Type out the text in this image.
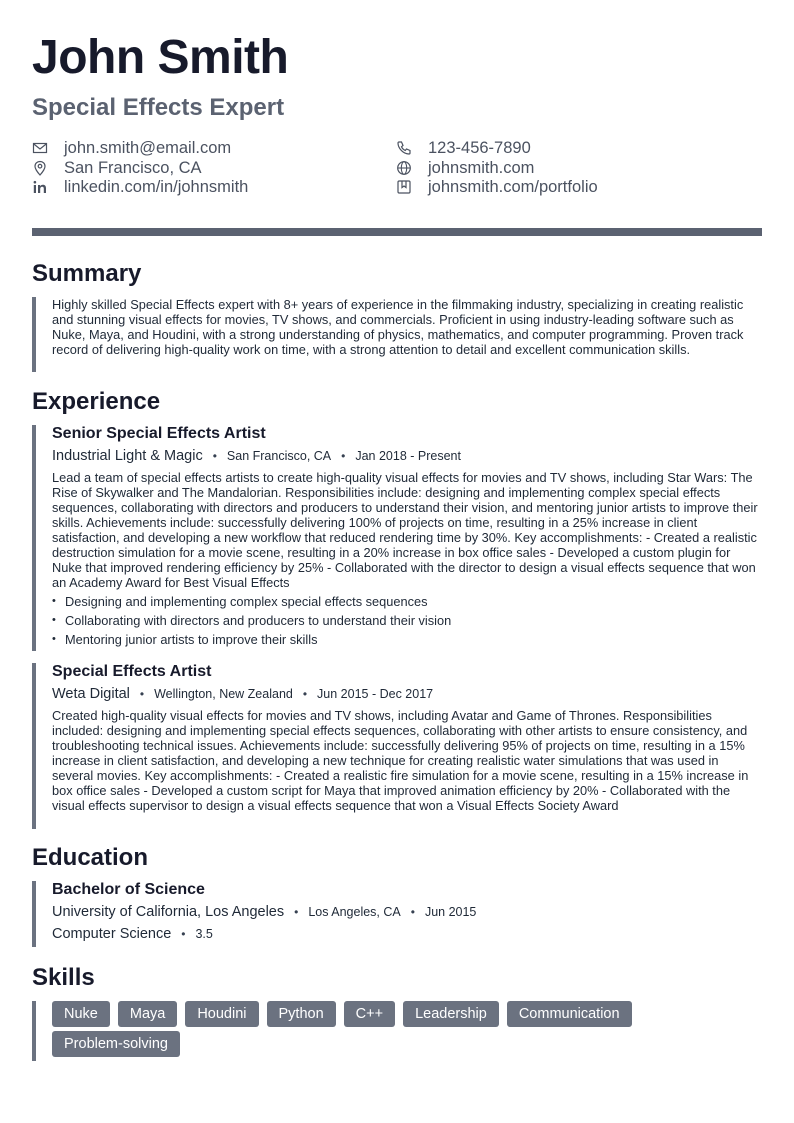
John Smith
Special Effects Expert
john.smith@email.com	123-456-7890
San Francisco, CA	johnsmith.com
linkedin.com/in/johnsmith	johnsmith.com/portfolio
Summary

Highly skilled Special Effects expert with 8+ years of experience in the filmmaking industry, specializing in creating realistic and stunning visual effects for movies, TV shows, and commercials. Proficient in using industry-leading software such as Nuke, Maya, and Houdini, with a strong understanding of physics, mathematics, and computer programming. Proven track record of delivering high-quality work on time, with a strong attention to detail and excellent communication skills.

Experience
Senior Special Effects Artist
Industrial Light & Magic • San Francisco, CA • Jan 2018 - Present

Lead a team of special effects artists to create high-quality visual effects for movies and TV shows, including Star Wars: The Rise of Skywalker and The Mandalorian. Responsibilities include: designing and implementing complex special effects sequences, collaborating with directors and producers to understand their vision, and mentoring junior artists to improve their skills. Achievements include: successfully delivering 100% of projects on time, resulting in a 25% increase in client satisfaction, and developing a new workflow that reduced rendering time by 30%. Key accomplishments: - Created a realistic destruction simulation for a movie scene, resulting in a 20% increase in box office sales - Developed a custom plugin for Nuke that improved rendering efficiency by 25% - Collaborated with the director to design a visual effects sequence that won an Academy Award for Best Visual Effects

• Designing and implementing complex special effects sequences
• Collaborating with directors and producers to understand their vision
• Mentoring junior artists to improve their skills
Special Effects Artist
Weta Digital • Wellington, New Zealand • Jun 2015 - Dec 2017

Created high-quality visual effects for movies and TV shows, including Avatar and Game of Thrones. Responsibilities included: designing and implementing special effects sequences, collaborating with other artists to ensure consistency, and troubleshooting technical issues. Achievements include: successfully delivering 95% of projects on time, resulting in a 15% increase in client satisfaction, and developing a new technique for creating realistic water simulations that was used in several movies. Key accomplishments: - Created a realistic fire simulation for a movie scene, resulting in a 15% increase in box office sales - Developed a custom script for Maya that improved animation efficiency by 20% - Collaborated with the visual effects supervisor to design a visual effects sequence that won a Visual Effects Society Award

Education
Bachelor of Science
University of California, Los Angeles • Los Angeles, CA • Jun 2015
Computer Science • 3.5
Skills
Nuke	Maya	Houdini	Python	C++	Leadership	Communication
Problem-solving
